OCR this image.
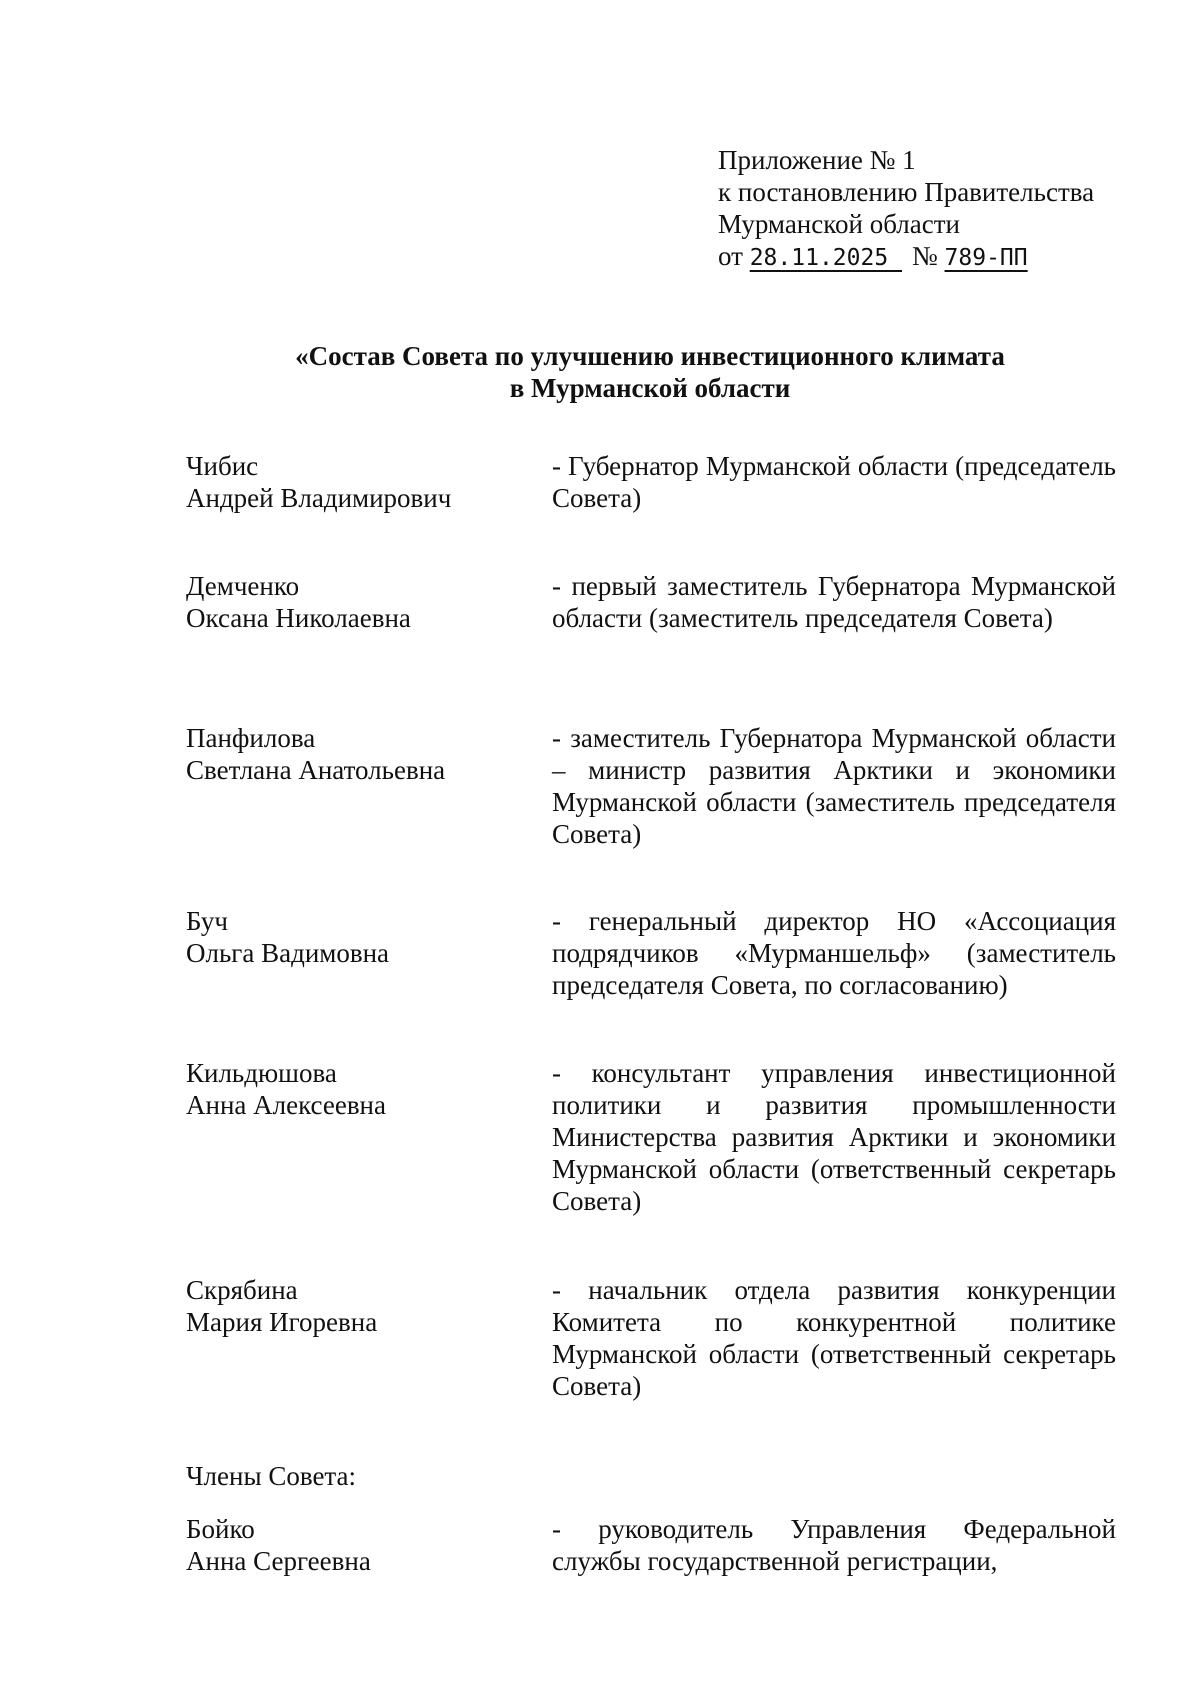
Приложение № 1
к постановлению Правительства
Мурманской области
от 28.11.2025 № 789-ПП
«Состав Совета по улучшению инвестиционного климата
в Мурманской области
Чибис
Андрей Владимирович
- Губернатор Мурманской области (председатель Совета)
Демченко
Оксана Николаевна
- первый заместитель Губернатора Мурманской области (заместитель председателя Совета)
Панфилова
Светлана Анатольевна
- заместитель Губернатора Мурманской области – министр развития Арктики и экономики Мурманской области (заместитель председателя Совета)
Буч
Ольга Вадимовна
- генеральный директор НО «Ассоциация подрядчиков «Мурманшельф» (заместитель председателя Совета, по согласованию)
Кильдюшова
Анна Алексеевна
- консультант управления инвестиционной политики и развития промышленности Министерства развития Арктики и экономики Мурманской области (ответственный секретарь Совета)
Скрябина
Мария Игоревна
- начальник отдела развития конкуренции Комитета по конкурентной политике Мурманской области (ответственный секретарь Совета)
Члены Совета:
Бойко
Анна Сергеевна
- руководитель Управления Федеральной службы государственной регистрации,
